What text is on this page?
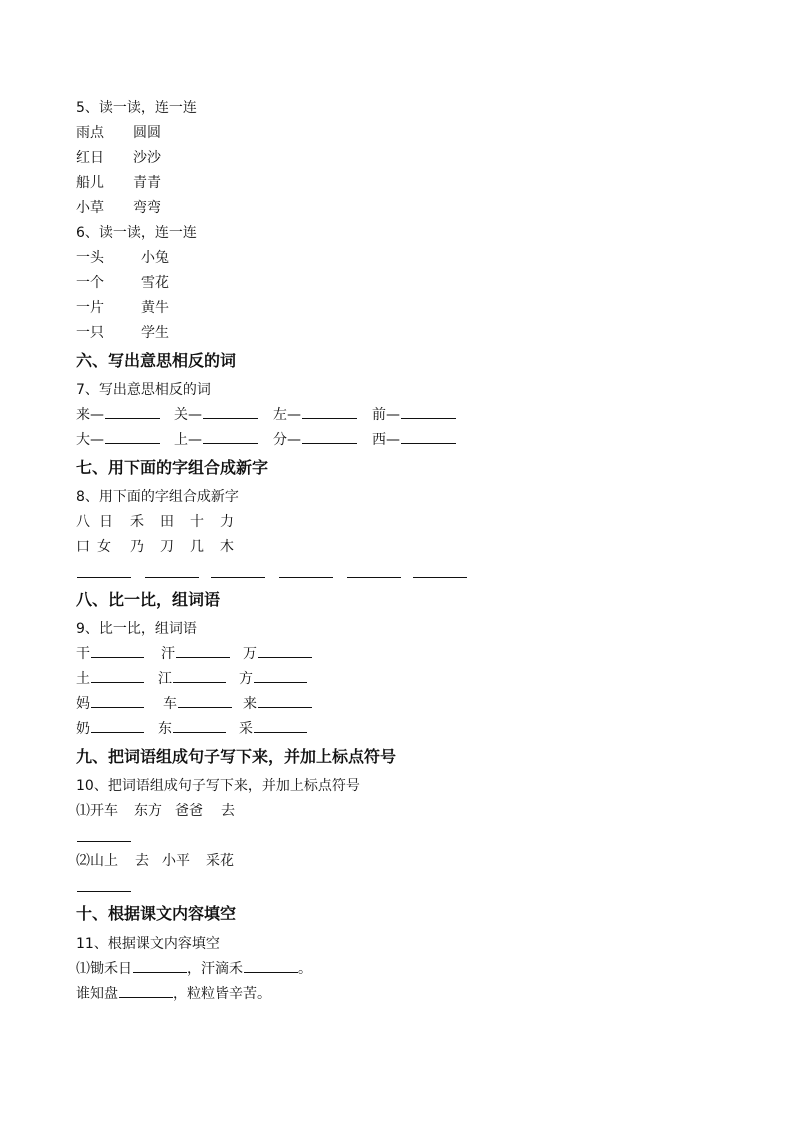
5、读一读，连一连
雨点 圆圆
红日 沙沙
船儿 青青
小草 弯弯
6、读一读，连一连
一头	小兔
一个	雪花
一片	黄牛
一只	学生
六、写出意思相反的词
7、写出意思相反的词
来—	关—	左—	前—
大—	上—	分—	西—
七、用下面的字组合成新字
8、用下面的字组合成新字
八 日 禾 田 十 力
口 女 乃 刀 几 木
八、比一比，组词语
9、比一比，组词语
干	汗	万
土	江	方
妈	车	来
奶	东	采
九、把词语组成句子写下来，并加上标点符号
10、把词语组成句子写下来，并加上标点符号
⑴开车 东方 爸爸 去
⑵山上 去 小平 采花
十、根据课文内容填空
11、根据课文内容填空
⑴锄禾日	，汗滴禾	。
谁知盘	，粒粒皆辛苦。
